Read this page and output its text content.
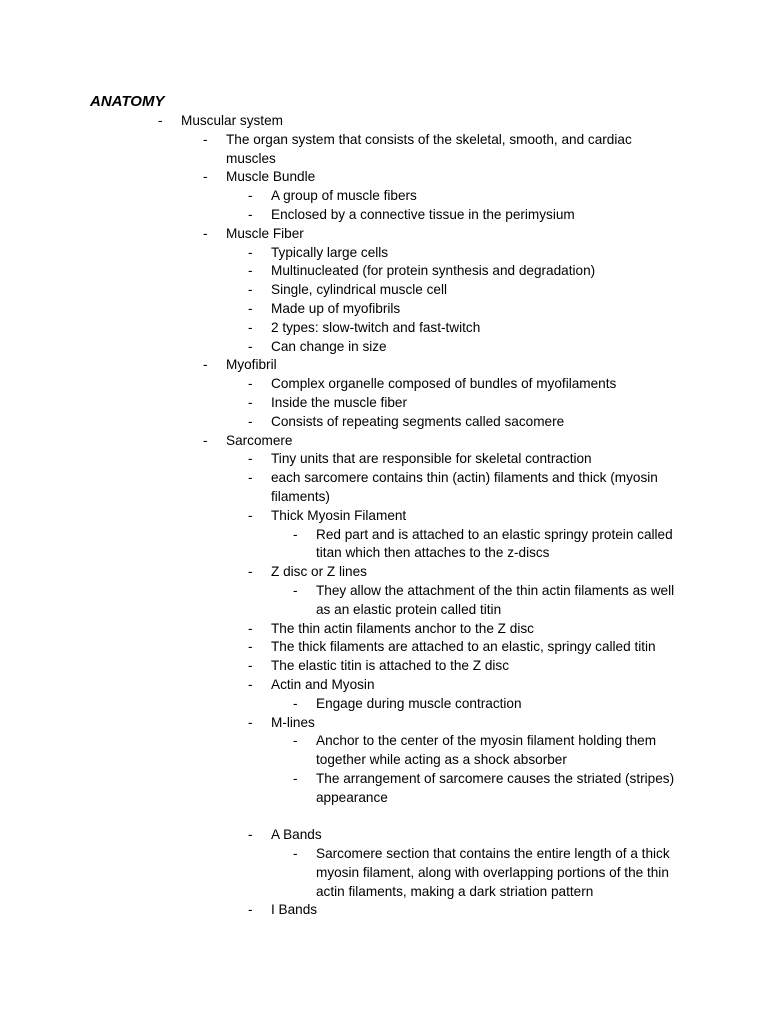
ANATOMY
- Muscular system
- The organ system that consists of the skeletal, smooth, and cardiac muscles
- Muscle Bundle
- A group of muscle fibers
- Enclosed by a connective tissue in the perimysium
- Muscle Fiber
- Typically large cells
- Multinucleated (for protein synthesis and degradation)
- Single, cylindrical muscle cell
- Made up of myofibrils
- 2 types: slow-twitch and fast-twitch
- Can change in size
- Myofibril
- Complex organelle composed of bundles of myofilaments
- Inside the muscle fiber
- Consists of repeating segments called sacomere
- Sarcomere
- Tiny units that are responsible for skeletal contraction
- each sarcomere contains thin (actin) filaments and thick (myosin filaments)
- Thick Myosin Filament
- Red part and is attached to an elastic springy protein called titan which then attaches to the z-discs
- Z disc or Z lines
- They allow the attachment of the thin actin filaments as well as an elastic protein called titin
- The thin actin filaments anchor to the Z disc
- The thick filaments are attached to an elastic, springy called titin
- The elastic titin is attached to the Z disc
- Actin and Myosin
- Engage during muscle contraction
- M-lines
- Anchor to the center of the myosin filament holding them together while acting as a shock absorber
- The arrangement of sarcomere causes the striated (stripes) appearance
- A Bands
- Sarcomere section that contains the entire length of a thick myosin filament, along with overlapping portions of the thin actin filaments, making a dark striation pattern
- I Bands
